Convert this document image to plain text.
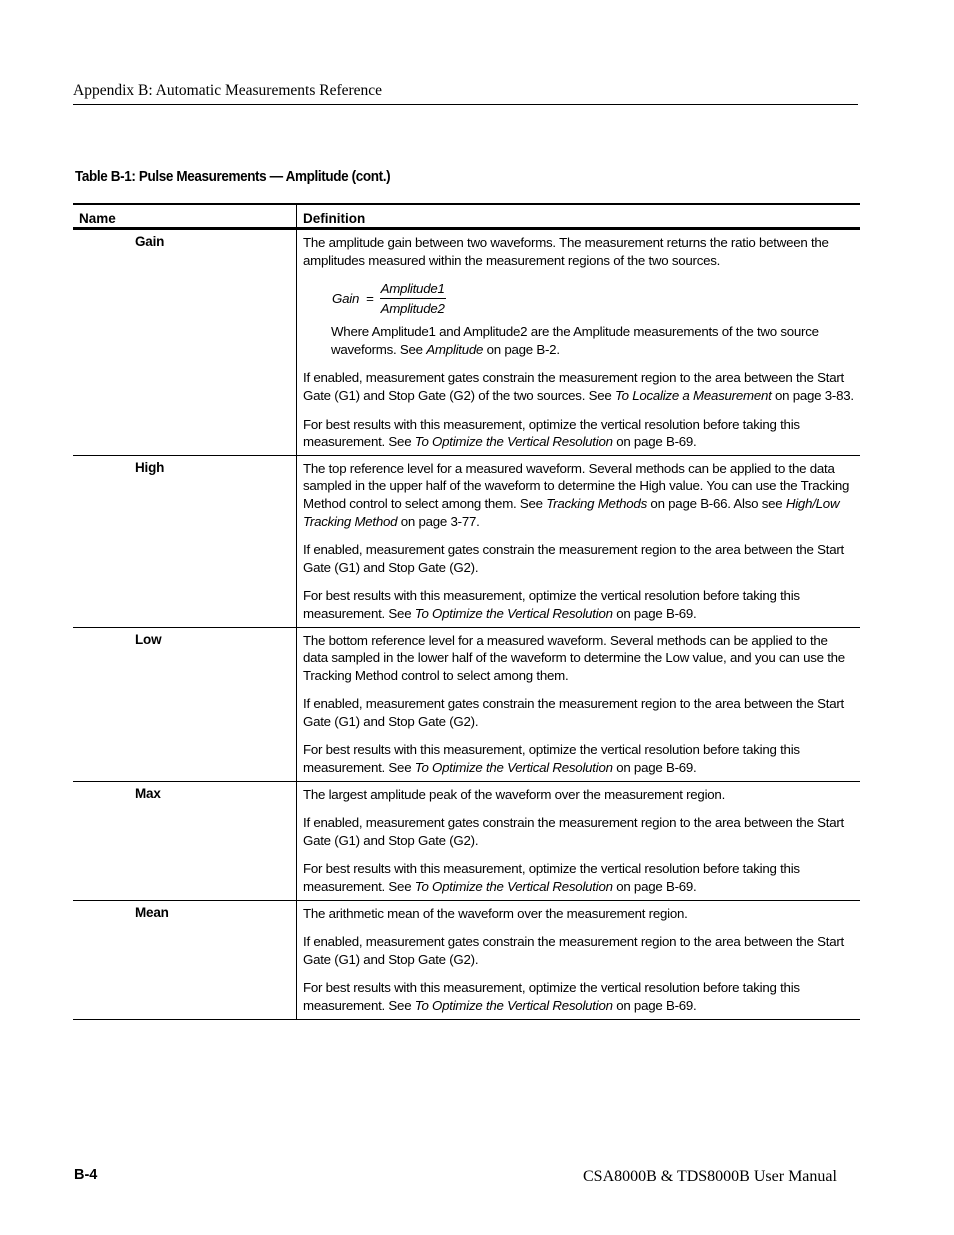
Appendix B: Automatic Measurements Reference
Table B-1: Pulse Measurements — Amplitude (cont.)
Name	Definition
Gain	The amplitude gain between two waveforms. The measurement returns the ratio between the amplitudes measured within the measurement regions of the two sources.

Gain = $\frac{\text{Amplitude1}}{\text{Amplitude2}}$

Where Amplitude1 and Amplitude2 are the Amplitude measurements of the two source waveforms. See Amplitude on page B-2.

If enabled, measurement gates constrain the measurement region to the area between the Start Gate (G1) and Stop Gate (G2) of the two sources. See To Localize a Measurement on page 3-83.

For best results with this measurement, optimize the vertical resolution before taking this measurement. See To Optimize the Vertical Resolution on page B-69.

High	The top reference level for a measured waveform. Several methods can be applied to the data sampled in the upper half of the waveform to determine the High value. You can use the Tracking Method control to select among them. See Tracking Methods on page B-66. Also see High/Low Tracking Method on page 3-77.

If enabled, measurement gates constrain the measurement region to the area between the Start Gate (G1) and Stop Gate (G2).

For best results with this measurement, optimize the vertical resolution before taking this measurement. See To Optimize the Vertical Resolution on page B-69.

Low	The bottom reference level for a measured waveform. Several methods can be applied to the data sampled in the lower half of the waveform to determine the Low value, and you can use the Tracking Method control to select among them.

If enabled, measurement gates constrain the measurement region to the area between the Start Gate (G1) and Stop Gate (G2).

For best results with this measurement, optimize the vertical resolution before taking this measurement. See To Optimize the Vertical Resolution on page B-69.

Max	The largest amplitude peak of the waveform over the measurement region.

If enabled, measurement gates constrain the measurement region to the area between the Start Gate (G1) and Stop Gate (G2).

For best results with this measurement, optimize the vertical resolution before taking this measurement. See To Optimize the Vertical Resolution on page B-69.

Mean	The arithmetic mean of the waveform over the measurement region.

If enabled, measurement gates constrain the measurement region to the area between the Start Gate (G1) and Stop Gate (G2).

For best results with this measurement, optimize the vertical resolution before taking this measurement. See To Optimize the Vertical Resolution on page B-69.

B-4	CSA8000B & TDS8000B User Manual
